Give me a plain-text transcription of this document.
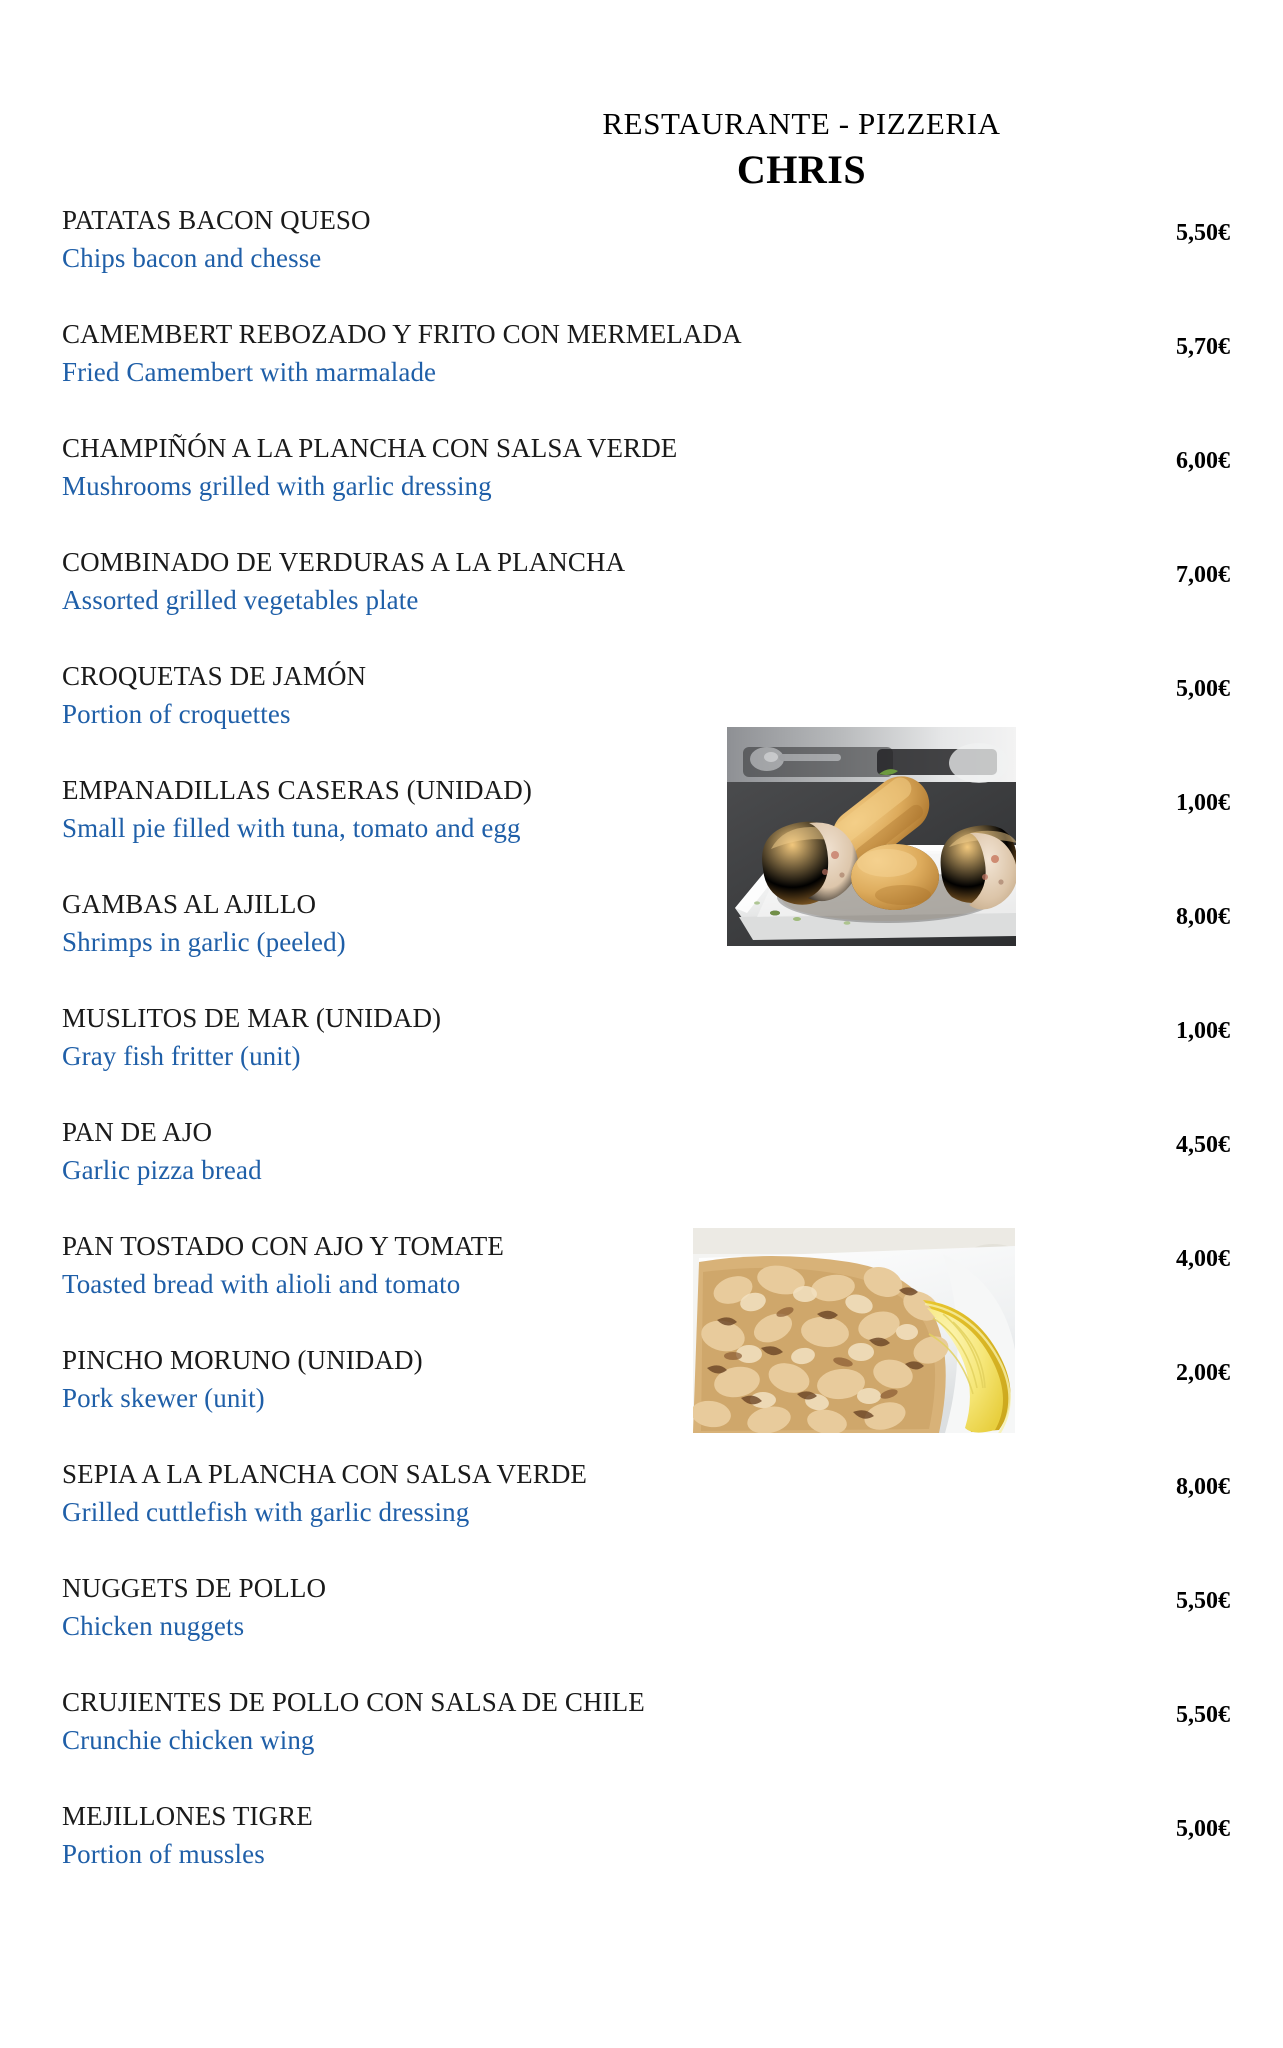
RESTAURANTE - PIZZERIA
CHRIS
PATATAS BACON QUESO
Chips bacon and chesse
5,50€
CAMEMBERT REBOZADO Y FRITO CON MERMELADA
Fried Camembert with marmalade
5,70€
CHAMPIÑÓN A LA PLANCHA CON SALSA VERDE
Mushrooms grilled with garlic dressing
6,00€
COMBINADO DE VERDURAS A LA PLANCHA
Assorted grilled vegetables plate
7,00€
CROQUETAS DE JAMÓN
Portion of croquettes
5,00€
EMPANADILLAS CASERAS (UNIDAD)
Small pie filled with tuna, tomato and egg
1,00€
GAMBAS AL AJILLO
Shrimps in garlic (peeled)
8,00€
MUSLITOS DE MAR (UNIDAD)
Gray fish fritter (unit)
1,00€
PAN DE AJO
Garlic pizza bread
4,50€
PAN TOSTADO CON AJO Y TOMATE
Toasted bread with alioli and tomato
4,00€
PINCHO MORUNO (UNIDAD)
Pork skewer (unit)
2,00€
SEPIA A LA PLANCHA CON SALSA VERDE
Grilled cuttlefish with garlic dressing
8,00€
NUGGETS DE POLLO
Chicken nuggets
5,50€
CRUJIENTES DE POLLO CON SALSA DE CHILE
Crunchie chicken wing
5,50€
MEJILLONES TIGRE
Portion of mussles
5,00€
